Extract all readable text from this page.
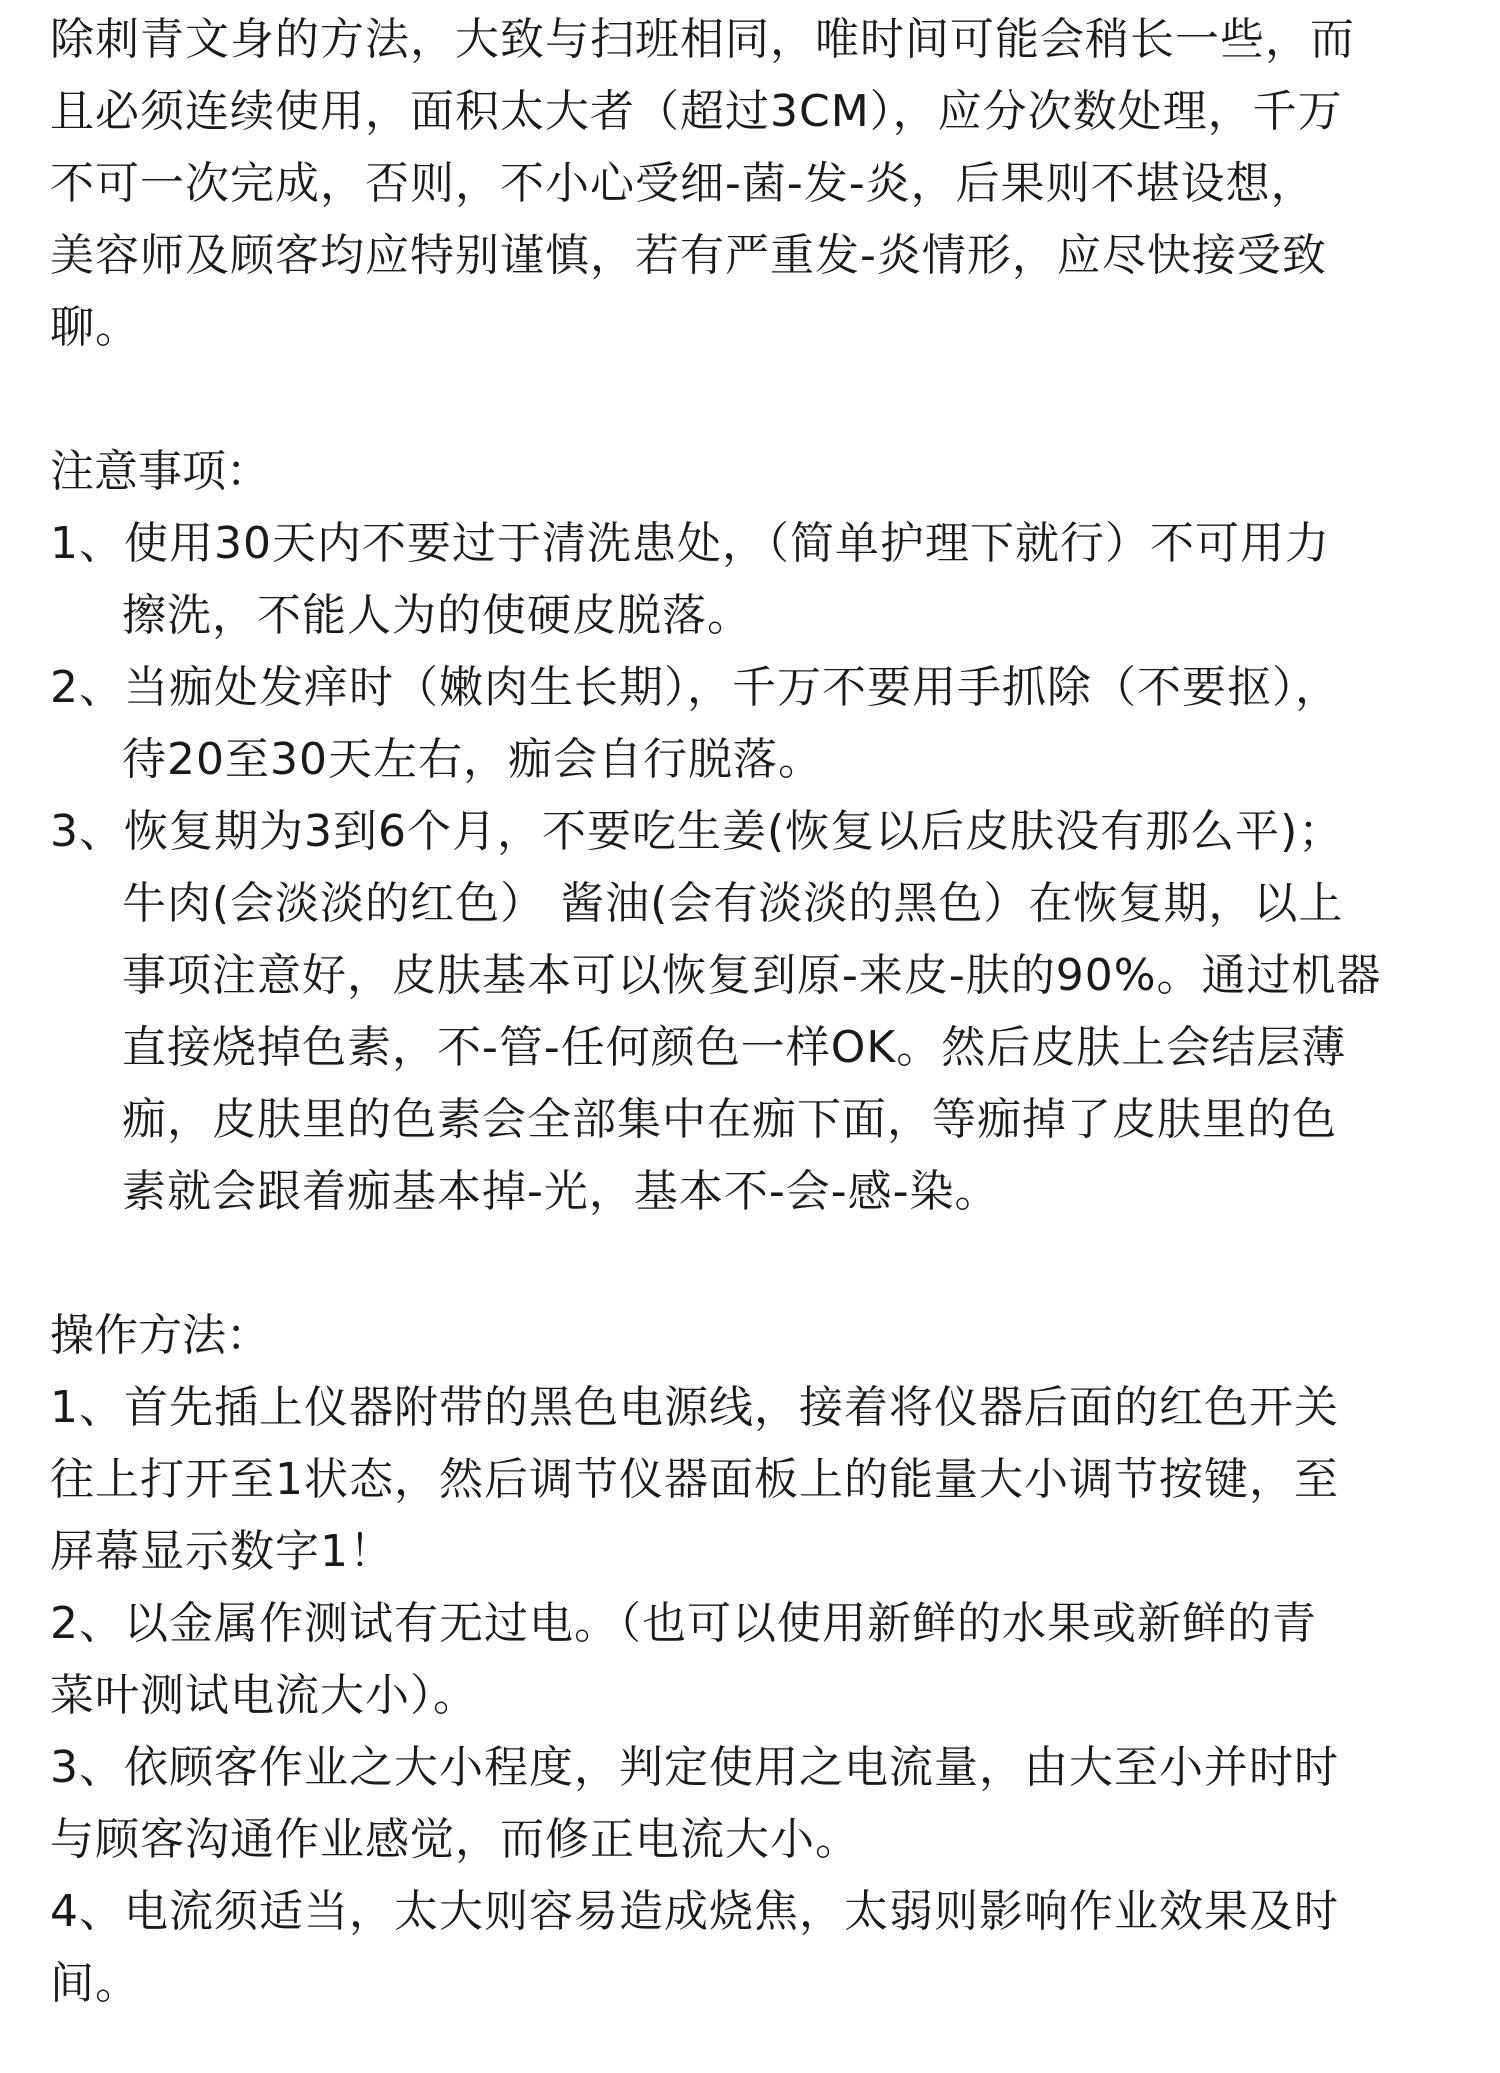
除刺青文身的方法，大致与扫班相同，唯时间可能会稍长一些，而
且必须连续使用，面积太大者（超过3CM），应分次数处理，千万
不可一次完成，否则，不小心受细-菌-发-炎，后果则不堪设想，
美容师及顾客均应特别谨慎，若有严重发-炎情形，应尽快接受致
聊。
注意事项：
1、使用30天内不要过于清洗患处，（简单护理下就行）不可用力
擦洗，不能人为的使硬皮脱落。
2、当痂处发痒时（嫩肉生长期），千万不要用手抓除（不要抠），
待20至30天左右，痂会自行脱落。
3、恢复期为3到6个月，不要吃生姜(恢复以后皮肤没有那么平)；
牛肉(会淡淡的红色） 酱油(会有淡淡的黑色）在恢复期，以上
事项注意好，皮肤基本可以恢复到原-来皮-肤的90%。通过机器
直接烧掉色素，不-管-任何颜色一样OK。然后皮肤上会结层薄
痂，皮肤里的色素会全部集中在痂下面，等痂掉了皮肤里的色
素就会跟着痂基本掉-光，基本不-会-感-染。
操作方法：
1、首先插上仪器附带的黑色电源线，接着将仪器后面的红色开关
往上打开至1状态，然后调节仪器面板上的能量大小调节按键，至
屏幕显示数字1！
2、以金属作测试有无过电。（也可以使用新鲜的水果或新鲜的青
菜叶测试电流大小）。
3、依顾客作业之大小程度，判定使用之电流量，由大至小并时时
与顾客沟通作业感觉，而修正电流大小。
4、电流须适当，太大则容易造成烧焦，太弱则影响作业效果及时
间。
